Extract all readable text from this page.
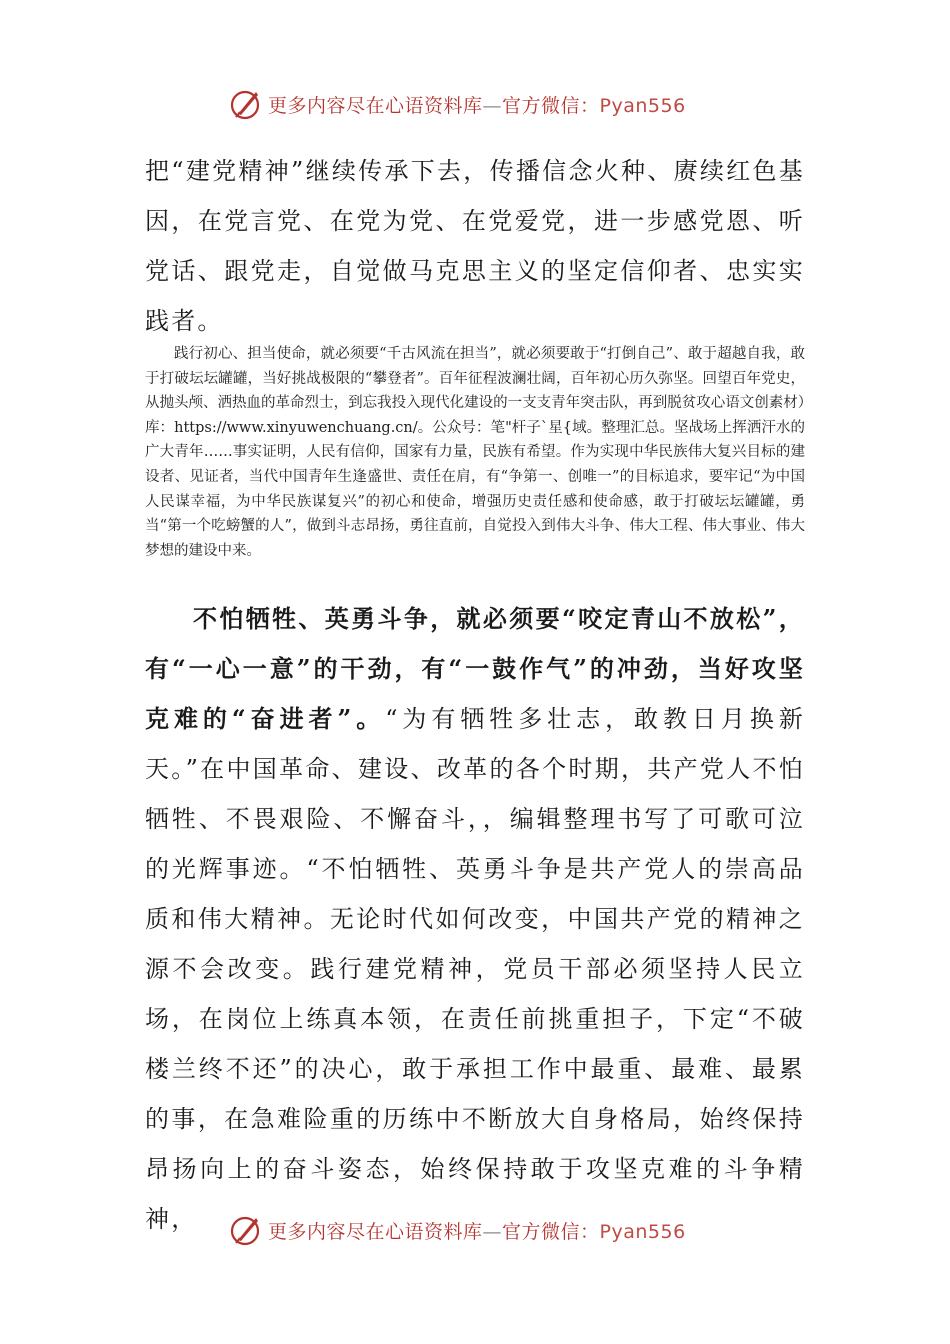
更多内容尽在心语资料库—官方微信：Pyan556

把“建党精神”继续传承下去，传播信念火种、赓续红色基因，在党言党、在党为党、在党爱党，进一步感党恩、听党话、跟党走，自觉做马克思主义的坚定信仰者、忠实实践者。

践行初心、担当使命，就必须要“千古风流在担当”，就必须要敢于“打倒自己”、敢于超越自我，敢于打破坛坛罐罐，当好挑战极限的“攀登者”。百年征程波澜壮阔，百年初心历久弥坚。回望百年党史，从抛头颅、洒热血的革命烈士，到忘我投入现代化建设的一支支青年突击队，再到脱贫攻心语文创素材）库：https://www.xinyuwenchuang.cn/。公众号：笔"杆子`星{域。整理汇总。坚战场上挥洒汗水的广大青年……事实证明，人民有信仰，国家有力量，民族有希望。作为实现中华民族伟大复兴目标的建设者、见证者，当代中国青年生逢盛世、责任在肩，有“争第一、创唯一”的目标追求，要牢记“为中国人民谋幸福，为中华民族谋复兴”的初心和使命，增强历史责任感和使命感，敢于打破坛坛罐罐，勇当“第一个吃螃蟹的人”，做到斗志昂扬，勇往直前，自觉投入到伟大斗争、伟大工程、伟大事业、伟大梦想的建设中来。

不怕牺牲、英勇斗争，就必须要“咬定青山不放松”，有“一心一意”的干劲，有“一鼓作气”的冲劲，当好攻坚克难的“奋进者”。“为有牺牲多壮志，敢教日月换新天。”在中国革命、建设、改革的各个时期，共产党人不怕牺牲、不畏艰险、不懈奋斗，，编辑整理书写了可歌可泣的光辉事迹。“不怕牺牲、英勇斗争是共产党人的崇高品质和伟大精神。无论时代如何改变，中国共产党的精神之源不会改变。践行建党精神，党员干部必须坚持人民立场，在岗位上练真本领，在责任前挑重担子，下定“不破楼兰终不还”的决心，敢于承担工作中最重、最难、最累的事，在急难险重的历练中不断放大自身格局，始终保持昂扬向上的奋斗姿态，始终保持敢于攻坚克难的斗争精神，	更多内容尽在心语资料库—官方微信：Pyan556
